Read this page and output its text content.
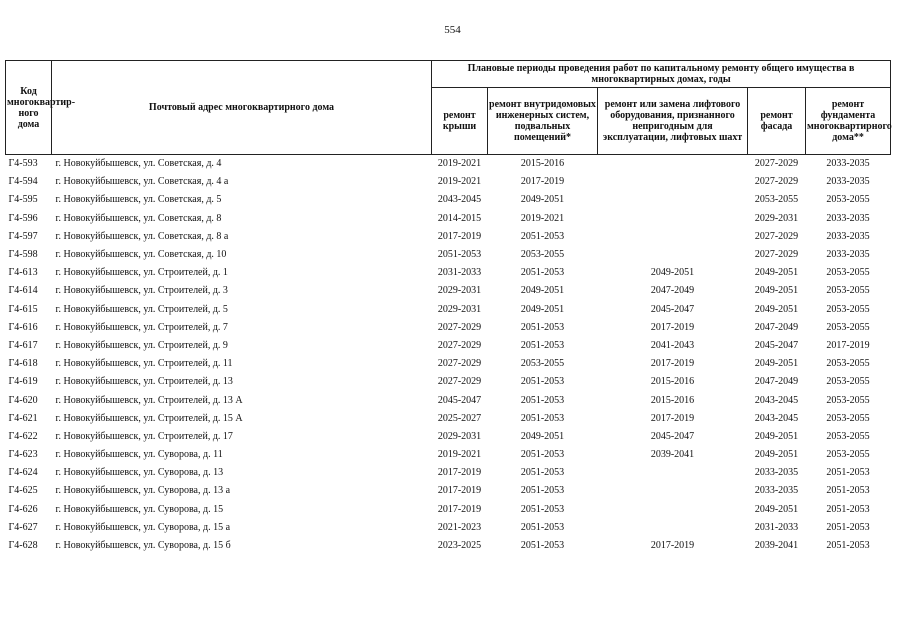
554
Код многоквартир-ного дома	Почтовый адрес многоквартирного дома	Плановые периоды проведения работ по капитальному ремонту общего имущества в многоквартирных домах, годы				
		ремонт крыши	ремонт внутридомовых инженерных систем, подвальных помещений*	ремонт или замена лифтового оборудования, признанного непригодным для эксплуатации, лифтовых шахт	ремонт фасада	ремонт фундамента многоквартирного дома**
Г4-593	г. Новокуйбышевск, ул. Советская, д. 4	2019-2021	2015-2016		2027-2029	2033-2035
Г4-594	г. Новокуйбышевск, ул. Советская, д. 4 а	2019-2021	2017-2019		2027-2029	2033-2035
Г4-595	г. Новокуйбышевск, ул. Советская, д. 5	2043-2045	2049-2051		2053-2055	2053-2055
Г4-596	г. Новокуйбышевск, ул. Советская, д. 8	2014-2015	2019-2021		2029-2031	2033-2035
Г4-597	г. Новокуйбышевск, ул. Советская, д. 8 а	2017-2019	2051-2053		2027-2029	2033-2035
Г4-598	г. Новокуйбышевск, ул. Советская, д. 10	2051-2053	2053-2055		2027-2029	2033-2035
Г4-613	г. Новокуйбышевск, ул. Строителей, д. 1	2031-2033	2051-2053	2049-2051	2049-2051	2053-2055
Г4-614	г. Новокуйбышевск, ул. Строителей, д. 3	2029-2031	2049-2051	2047-2049	2049-2051	2053-2055
Г4-615	г. Новокуйбышевск, ул. Строителей, д. 5	2029-2031	2049-2051	2045-2047	2049-2051	2053-2055
Г4-616	г. Новокуйбышевск, ул. Строителей, д. 7	2027-2029	2051-2053	2017-2019	2047-2049	2053-2055
Г4-617	г. Новокуйбышевск, ул. Строителей, д. 9	2027-2029	2051-2053	2041-2043	2045-2047	2017-2019
Г4-618	г. Новокуйбышевск, ул. Строителей, д. 11	2027-2029	2053-2055	2017-2019	2049-2051	2053-2055
Г4-619	г. Новокуйбышевск, ул. Строителей, д. 13	2027-2029	2051-2053	2015-2016	2047-2049	2053-2055
Г4-620	г. Новокуйбышевск, ул. Строителей, д. 13 А	2045-2047	2051-2053	2015-2016	2043-2045	2053-2055
Г4-621	г. Новокуйбышевск, ул. Строителей, д. 15 А	2025-2027	2051-2053	2017-2019	2043-2045	2053-2055
Г4-622	г. Новокуйбышевск, ул. Строителей, д. 17	2029-2031	2049-2051	2045-2047	2049-2051	2053-2055
Г4-623	г. Новокуйбышевск, ул. Суворова, д. 11	2019-2021	2051-2053	2039-2041	2049-2051	2053-2055
Г4-624	г. Новокуйбышевск, ул. Суворова, д. 13	2017-2019	2051-2053		2033-2035	2051-2053
Г4-625	г. Новокуйбышевск, ул. Суворова, д. 13 а	2017-2019	2051-2053		2033-2035	2051-2053
Г4-626	г. Новокуйбышевск, ул. Суворова, д. 15	2017-2019	2051-2053		2049-2051	2051-2053
Г4-627	г. Новокуйбышевск, ул. Суворова, д. 15 а	2021-2023	2051-2053		2031-2033	2051-2053
Г4-628	г. Новокуйбышевск, ул. Суворова, д. 15 б	2023-2025	2051-2053	2017-2019	2039-2041	2051-2053
